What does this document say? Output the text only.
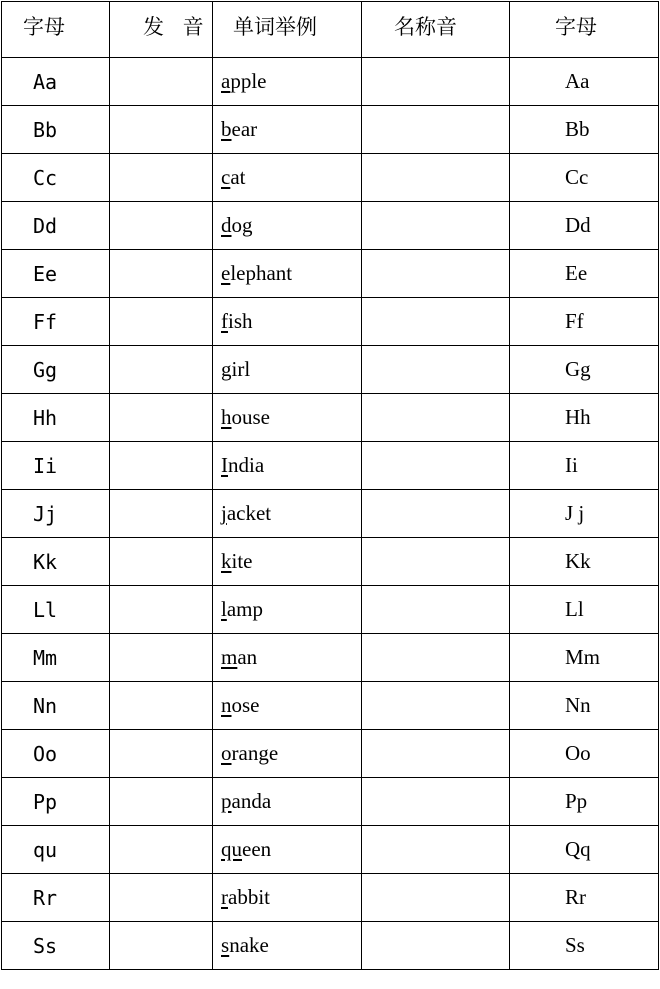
字母	发 音	单词举例	名称音	字母
Aa		apple		Aa
Bb		bear		Bb
Cc		cat		Cc
Dd		dog		Dd
Ee		elephant		Ee
Ff		fish		Ff
Gg		girl		Gg
Hh		house		Hh
Ii		India		Ii
Jj		jacket		J j
Kk		kite		Kk
Ll		lamp		Ll
Mm		man		Mm
Nn		nose		Nn
Oo		orange		Oo
Pp		panda		Pp
qu		queen		Qq
Rr		rabbit		Rr
Ss		snake		Ss
